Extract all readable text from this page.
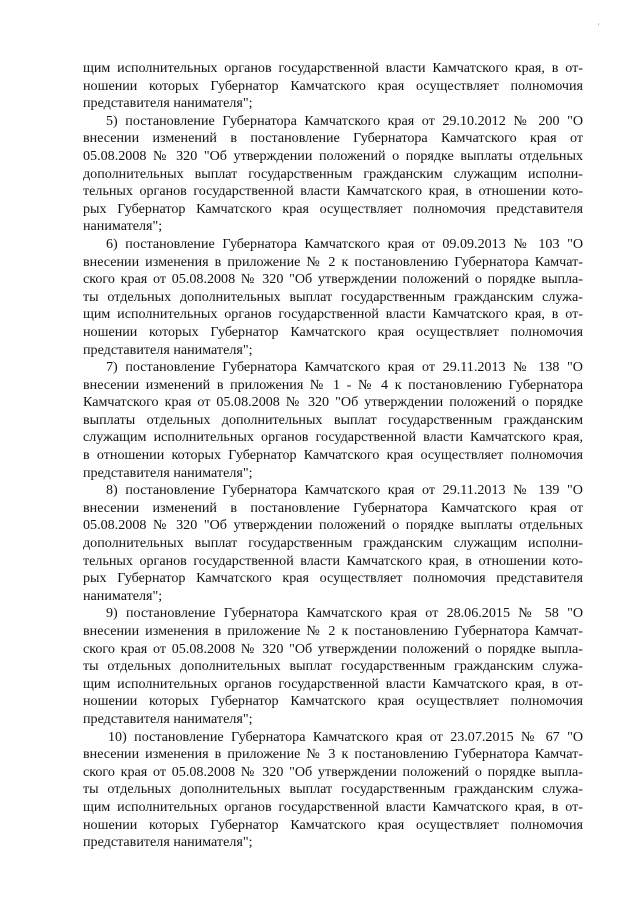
'
щим исполнительных органов государственной власти Камчатского края, в от-
ношении которых Губернатор Камчатского края осуществляет полномочия
представителя нанимателя";
5) постановление Губернатора Камчатского края от 29.10.2012 № 200 "О
внесении изменений в постановление Губернатора Камчатского края от
05.08.2008 № 320 "Об утверждении положений о порядке выплаты отдельных
дополнительных выплат государственным гражданским служащим исполни-
тельных органов государственной власти Камчатского края, в отношении кото-
рых Губернатор Камчатского края осуществляет полномочия представителя
нанимателя";
6) постановление Губернатора Камчатского края от 09.09.2013 № 103 "О
внесении изменения в приложение № 2 к постановлению Губернатора Камчат-
ского края от 05.08.2008 № 320 "Об утверждении положений о порядке выпла-
ты отдельных дополнительных выплат государственным гражданским служа-
щим исполнительных органов государственной власти Камчатского края, в от-
ношении которых Губернатор Камчатского края осуществляет полномочия
представителя нанимателя";
7) постановление Губернатора Камчатского края от 29.11.2013 № 138 "О
внесении изменений в приложения № 1 - № 4 к постановлению Губернатора
Камчатского края от 05.08.2008 № 320 "Об утверждении положений о порядке
выплаты отдельных дополнительных выплат государственным гражданским
служащим исполнительных органов государственной власти Камчатского края,
в отношении которых Губернатор Камчатского края осуществляет полномочия
представителя нанимателя";
8) постановление Губернатора Камчатского края от 29.11.2013 № 139 "О
внесении изменений в постановление Губернатора Камчатского края от
05.08.2008 № 320 "Об утверждении положений о порядке выплаты отдельных
дополнительных выплат государственным гражданским служащим исполни-
тельных органов государственной власти Камчатского края, в отношении кото-
рых Губернатор Камчатского края осуществляет полномочия представителя
нанимателя";
9) постановление Губернатора Камчатского края от 28.06.2015 № 58 "О
внесении изменения в приложение № 2 к постановлению Губернатора Камчат-
ского края от 05.08.2008 № 320 "Об утверждении положений о порядке выпла-
ты отдельных дополнительных выплат государственным гражданским служа-
щим исполнительных органов государственной власти Камчатского края, в от-
ношении которых Губернатор Камчатского края осуществляет полномочия
представителя нанимателя";
10) постановление Губернатора Камчатского края от 23.07.2015 № 67 "О
внесении изменения в приложение № 3 к постановлению Губернатора Камчат-
ского края от 05.08.2008 № 320 "Об утверждении положений о порядке выпла-
ты отдельных дополнительных выплат государственным гражданским служа-
щим исполнительных органов государственной власти Камчатского края, в от-
ношении которых Губернатор Камчатского края осуществляет полномочия
представителя нанимателя";
